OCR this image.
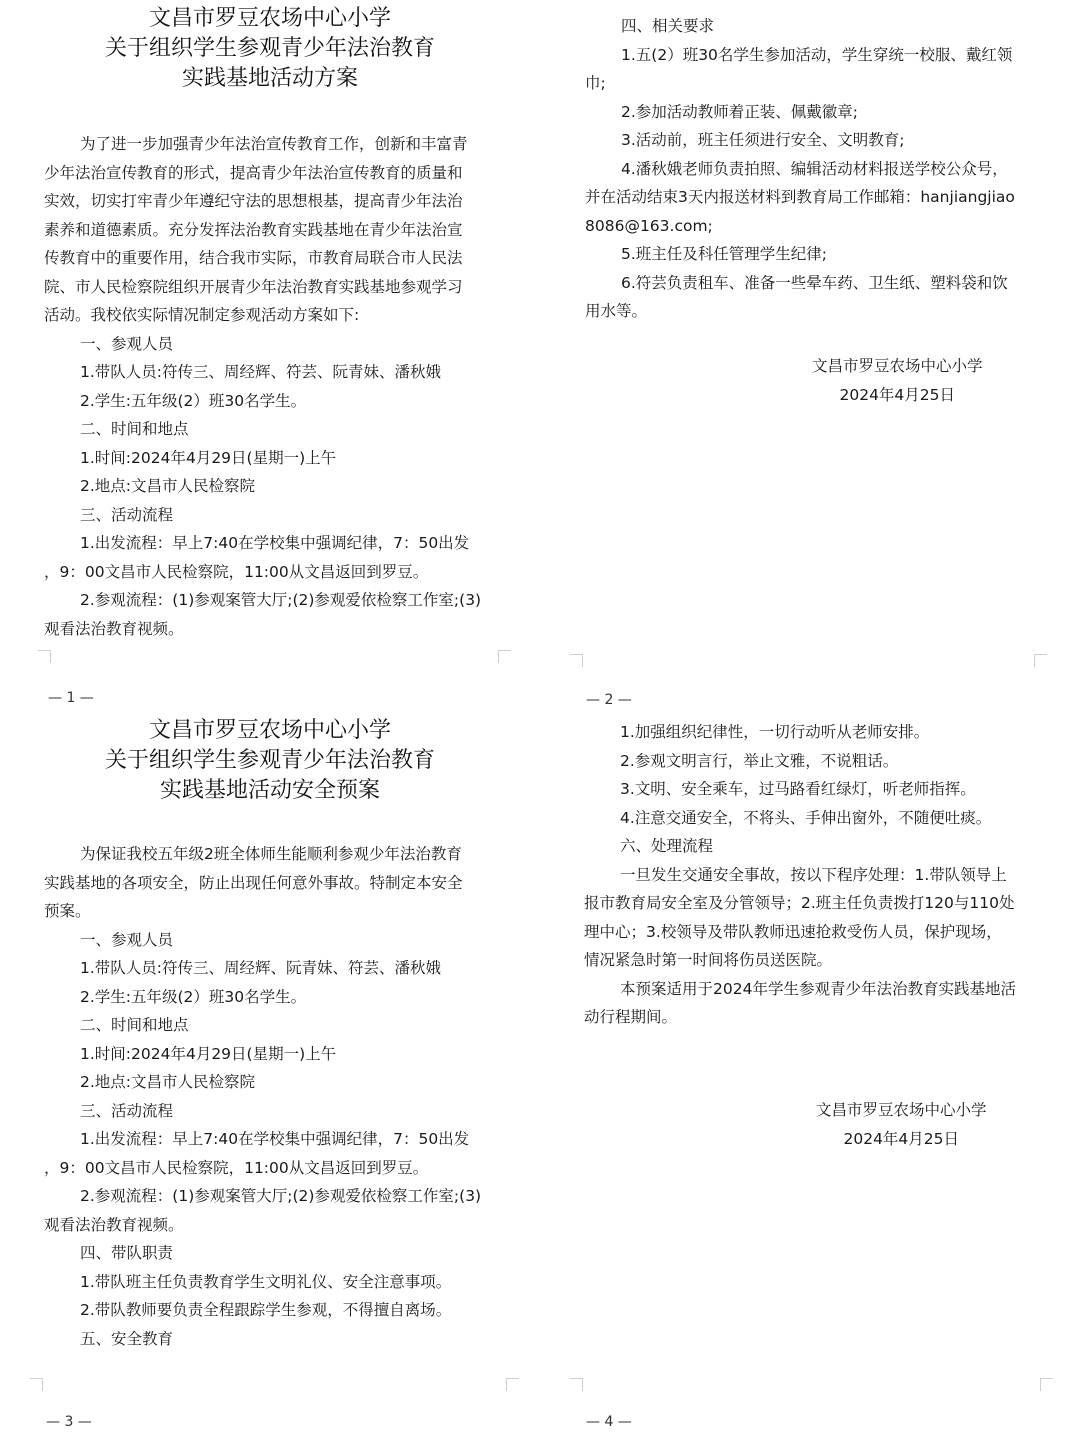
文昌市罗豆农场中心小学
关于组织学生参观青少年法治教育
实践基地活动方案
为了进一步加强青少年法治宣传教育工作，创新和丰富青
少年法治宣传教育的形式，提高青少年法治宣传教育的质量和
实效，切实打牢青少年遵纪守法的思想根基，提高青少年法治
素养和道德素质。充分发挥法治教育实践基地在青少年法治宣
传教育中的重要作用，结合我市实际，市教育局联合市人民法
院、市人民检察院组织开展青少年法治教育实践基地参观学习
活动。我校依实际情况制定参观活动方案如下:
一、参观人员
1.带队人员:符传三、周经辉、符芸、阮青妹、潘秋娥
2.学生:五年级(2）班30名学生。
二、时间和地点
1.时间:2024年4月29日(星期一)上午
2.地点:文昌市人民检察院
三、活动流程
1.出发流程：早上7:40在学校集中强调纪律，7：50出发
，9：00文昌市人民检察院，11:00从文昌返回到罗豆。
2.参观流程：(1)参观案管大厅;(2)参观爱依检察工作室;(3)
观看法治教育视频。
— 1 —
四、相关要求
1.五(2）班30名学生参加活动，学生穿统一校服、戴红领
巾;
2.参加活动教师着正装、佩戴徽章;
3.活动前，班主任须进行安全、文明教育;
4.潘秋娥老师负责拍照、编辑活动材料报送学校公众号，
并在活动结束3天内报送材料到教育局工作邮箱：hanjiangjiao
8086@163.com;
5.班主任及科任管理学生纪律;
6.符芸负责租车、准备一些晕车药、卫生纸、塑料袋和饮
用水等。
文昌市罗豆农场中心小学
2024年4月25日
— 2 —
文昌市罗豆农场中心小学
关于组织学生参观青少年法治教育
实践基地活动安全预案
为保证我校五年级2班全体师生能顺利参观少年法治教育
实践基地的各项安全，防止出现任何意外事故。特制定本安全
预案。
一、参观人员
1.带队人员:符传三、周经辉、阮青妹、符芸、潘秋娥
2.学生:五年级(2）班30名学生。
二、时间和地点
1.时间:2024年4月29日(星期一)上午
2.地点:文昌市人民检察院
三、活动流程
1.出发流程：早上7:40在学校集中强调纪律，7：50出发
，9：00文昌市人民检察院，11:00从文昌返回到罗豆。
2.参观流程：(1)参观案管大厅;(2)参观爱依检察工作室;(3)
观看法治教育视频。
四、带队职责
1.带队班主任负责教育学生文明礼仪、安全注意事项。
2.带队教师要负责全程跟踪学生参观，不得擅自离场。
五、安全教育
— 3 —
1.加强组织纪律性，一切行动听从老师安排。
2.参观文明言行，举止文雅，不说粗话。
3.文明、安全乘车，过马路看红绿灯，听老师指挥。
4.注意交通安全，不将头、手伸出窗外，不随便吐痰。
六、处理流程
一旦发生交通安全事故，按以下程序处理：1.带队领导上
报市教育局安全室及分管领导；2.班主任负责拨打120与110处
理中心；3.校领导及带队教师迅速抢救受伤人员，保护现场，
情况紧急时第一时间将伤员送医院。
本预案适用于2024年学生参观青少年法治教育实践基地活
动行程期间。
文昌市罗豆农场中心小学
2024年4月25日
— 4 —
